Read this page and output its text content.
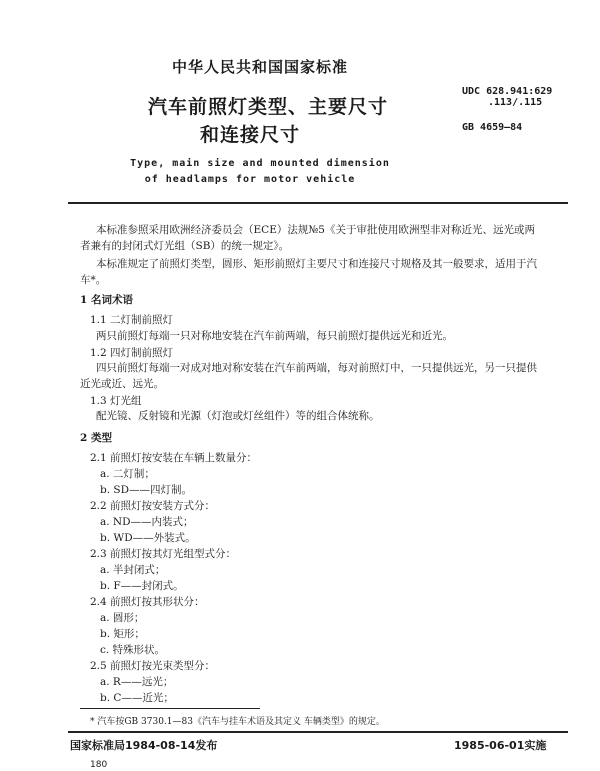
中华人民共和国国家标准
汽车前照灯类型、主要尺寸
和连接尺寸
UDC 628.941:629
.113/.115
GB 4659—84
Type, main size and mounted dimension
of headlamps for motor vehicle
本标准参照采用欧洲经济委员会（ECE）法规№5《关于审批使用欧洲型非对称近光、远光或两
者兼有的封闭式灯光组（SB）的统一规定》。
本标准规定了前照灯类型，圆形、矩形前照灯主要尺寸和连接尺寸规格及其一般要求，适用于汽
车*。
1 名词术语
1.1 二灯制前照灯
两只前照灯每端一只对称地安装在汽车前两端，每只前照灯提供远光和近光。
1.2 四灯制前照灯
四只前照灯每端一对成对地对称安装在汽车前两端，每对前照灯中，一只提供远光，另一只提供
近光或近、远光。
1.3 灯光组
配光镜、反射镜和光源（灯泡或灯丝组件）等的组合体统称。
2 类型
2.1 前照灯按安装在车辆上数量分：
a. 二灯制；
b. SD——四灯制。
2.2 前照灯按安装方式分：
a. ND——内装式；
b. WD——外装式。
2.3 前照灯按其灯光组型式分：
a. 半封闭式；
b. F——封闭式。
2.4 前照灯按其形状分：
a. 圆形；
b. 矩形；
c. 特殊形状。
2.5 前照灯按光束类型分：
a. R——远光；
b. C——近光；
* 汽车按GB 3730.1—83《汽车与挂车术语及其定义 车辆类型》的规定。
国家标准局1984-08-14发布	1985-06-01实施
180
